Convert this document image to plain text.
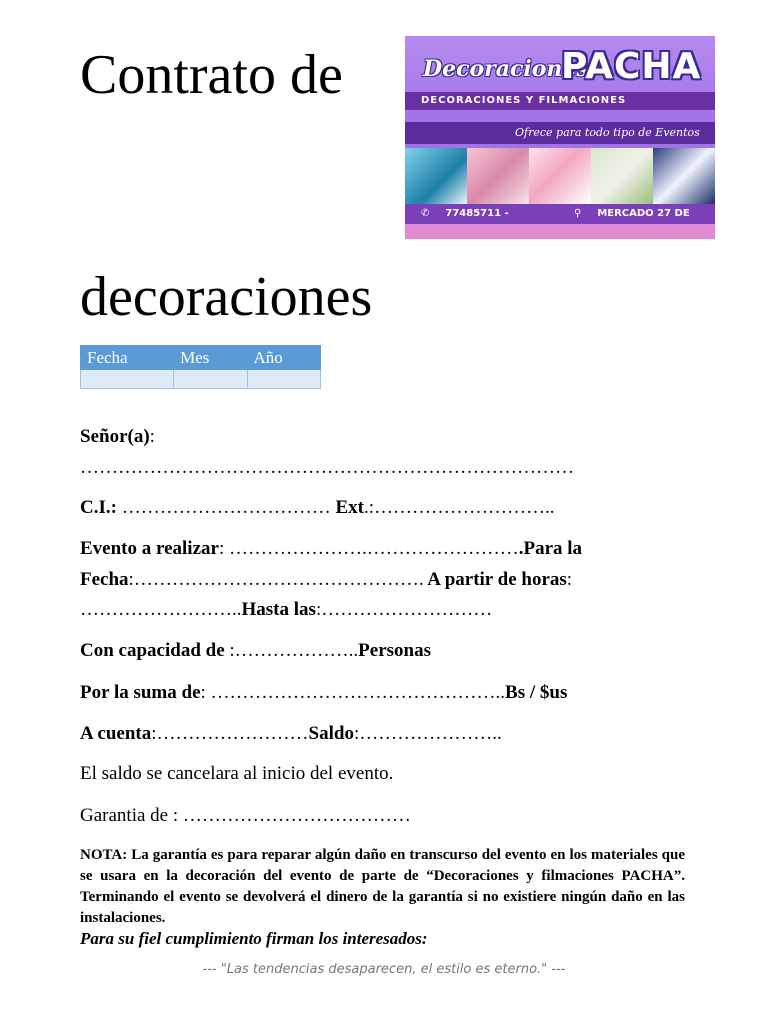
Contrato de	Decoraciones"
PACHA
DECORACIONES Y FILMACIONES
Ofrece para todo tipo de Eventos
✆ 77485711 -	⚲ MERCADO 27 DE
decoraciones
Fecha	Mes	Año

Señor(a):
……………………………………………………………………
C.I.: …………………………… Ext.:………………………..
Evento a realizar: ………………….…………………….Para la
Fecha:………………………………………. A partir de horas:
……………………..Hasta las:………………………
Con capacidad de :………………..Personas
Por la suma de: ………………………………………..Bs / $us
A cuenta:……………………Saldo:…………………..
El saldo se cancelara al inicio del evento.
Garantia de : ………………………………
NOTA: La garantía es para reparar algún daño en transcurso del evento en los materiales que se usara en la decoración del evento de parte de “Decoraciones y filmaciones PACHA”. Terminando el evento se devolverá el dinero de la garantía si no existiere ningún daño en las instalaciones.
Para su fiel cumplimiento firman los interesados:
--- "Las tendencias desaparecen, el estilo es eterno." ---
